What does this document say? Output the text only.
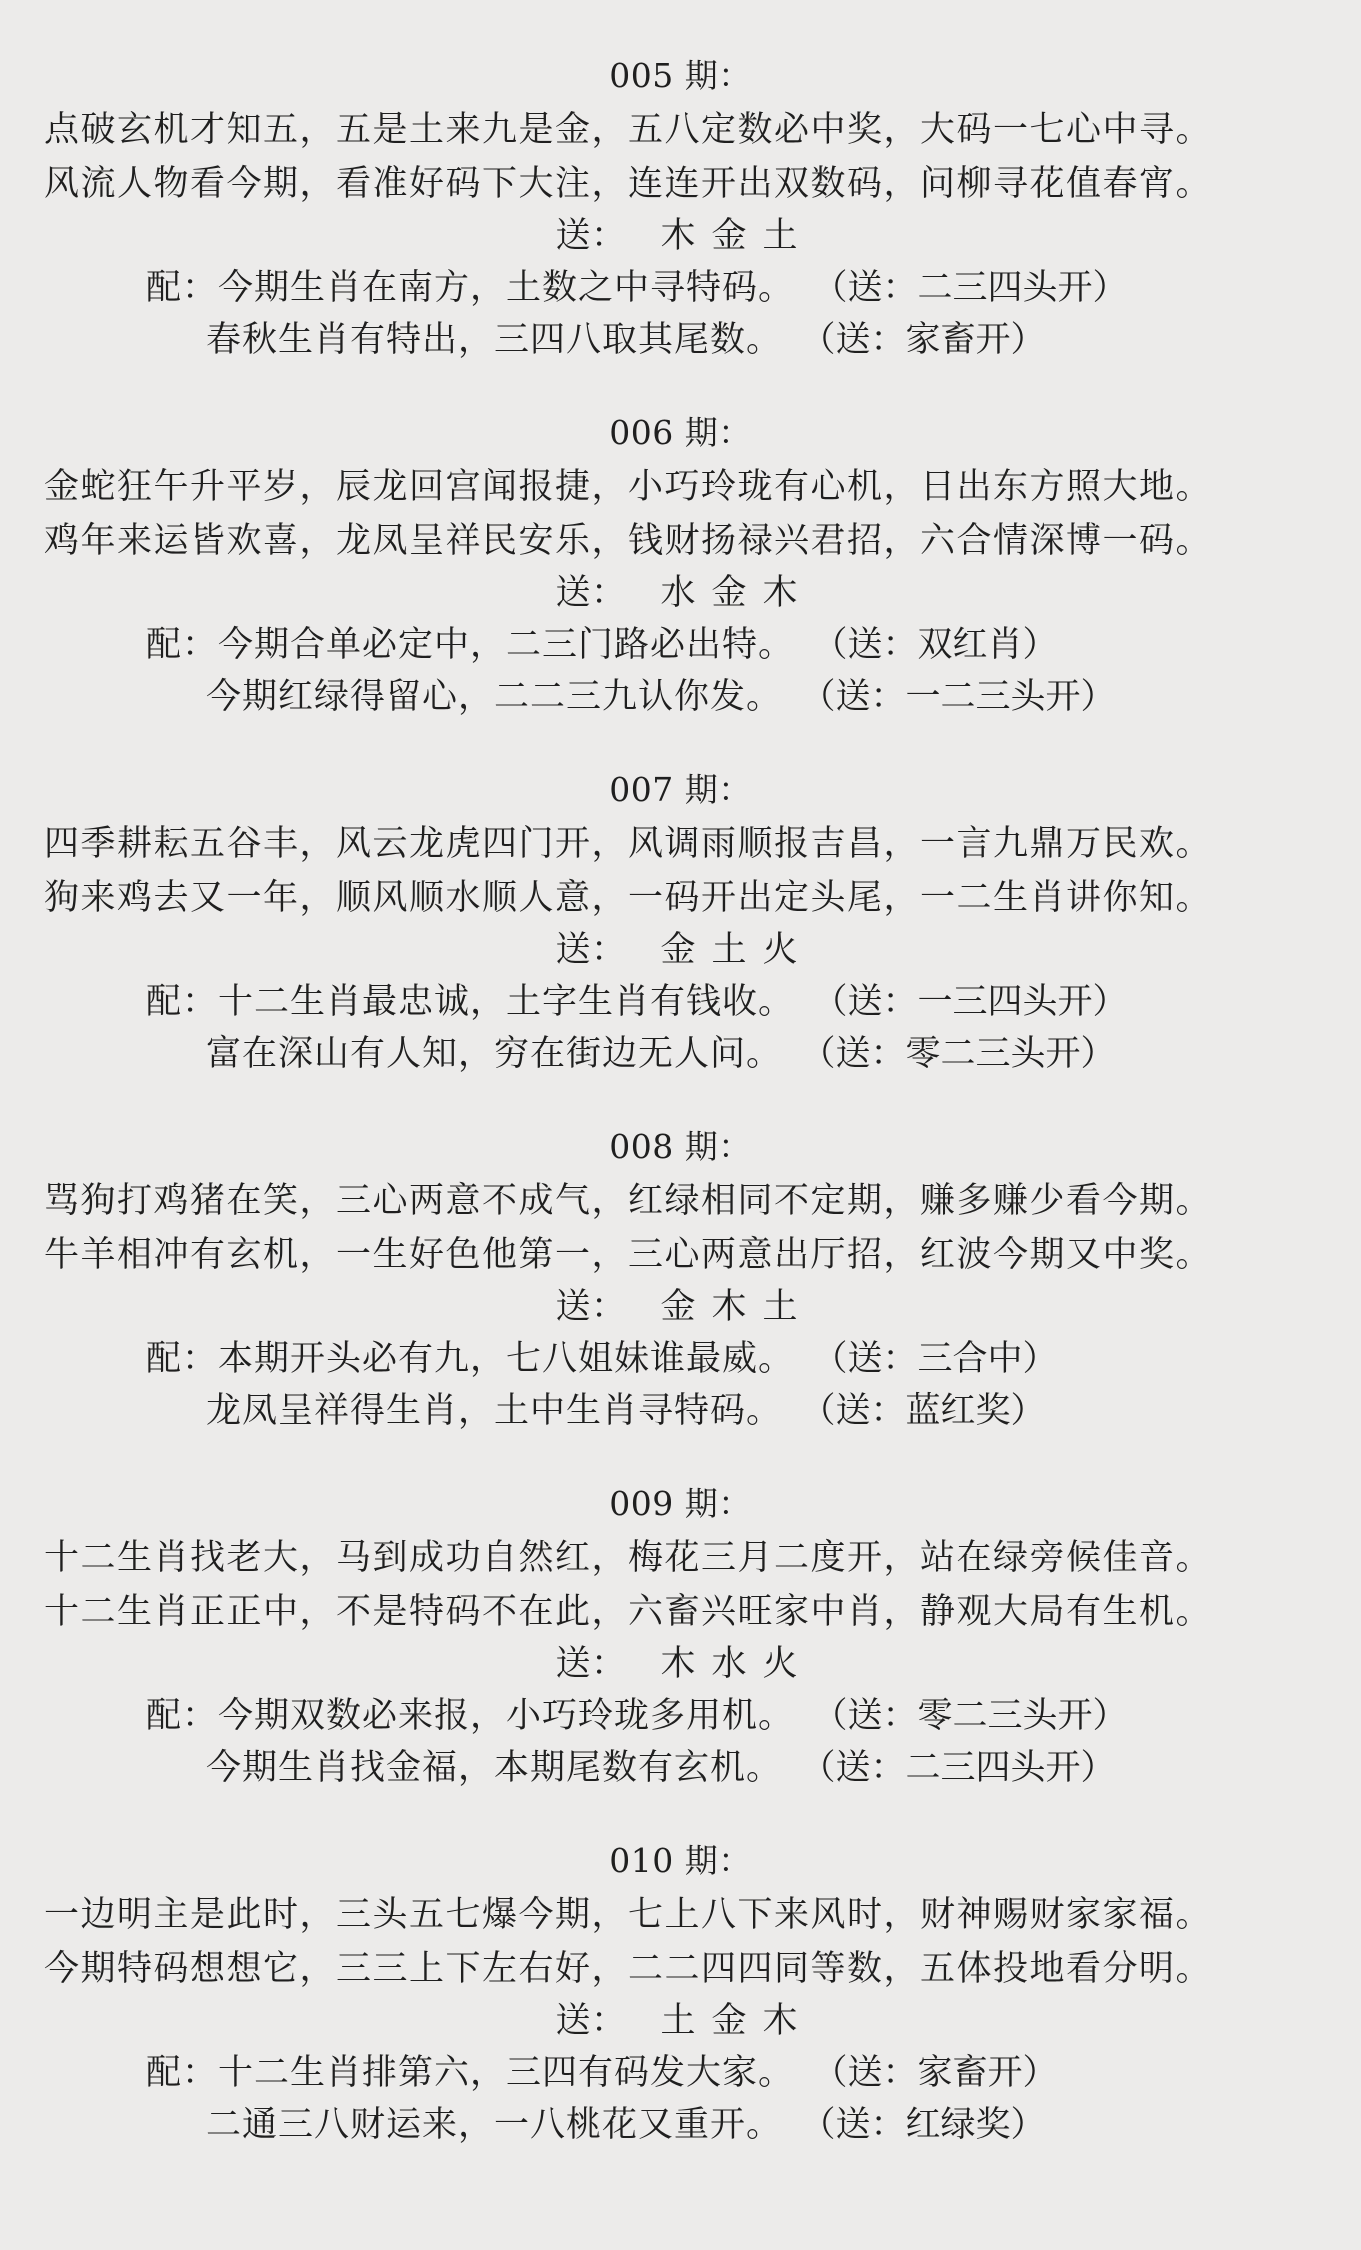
005 期：
点破玄机才知五，五是土来九是金，五八定数必中奖，大码一七心中寻。
风流人物看今期，看准好码下大注，连连开出双数码，问柳寻花值春宵。
送： 木 金 土
配：今期生肖在南方，土数之中寻特码。 （送：二三四头开）
春秋生肖有特出，三四八取其尾数。 （送：家畜开）
006 期：
金蛇狂午升平岁，辰龙回宫闻报捷，小巧玲珑有心机，日出东方照大地。
鸡年来运皆欢喜，龙凤呈祥民安乐，钱财扬禄兴君招，六合情深博一码。
送： 水 金 木
配：今期合单必定中，二三门路必出特。 （送：双红肖）
今期红绿得留心，二二三九认你发。 （送：一二三头开）
007 期：
四季耕耘五谷丰，风云龙虎四门开，风调雨顺报吉昌，一言九鼎万民欢。
狗来鸡去又一年，顺风顺水顺人意，一码开出定头尾，一二生肖讲你知。
送： 金 土 火
配：十二生肖最忠诚，土字生肖有钱收。 （送：一三四头开）
富在深山有人知，穷在街边无人问。 （送：零二三头开）
008 期：
骂狗打鸡猪在笑，三心两意不成气，红绿相同不定期，赚多赚少看今期。
牛羊相冲有玄机，一生好色他第一，三心两意出厅招，红波今期又中奖。
送： 金 木 土
配：本期开头必有九，七八姐妹谁最威。 （送：三合中）
龙凤呈祥得生肖，土中生肖寻特码。 （送：蓝红奖）
009 期：
十二生肖找老大，马到成功自然红，梅花三月二度开，站在绿旁候佳音。
十二生肖正正中，不是特码不在此，六畜兴旺家中肖，静观大局有生机。
送： 木 水 火
配：今期双数必来报，小巧玲珑多用机。 （送：零二三头开）
今期生肖找金福，本期尾数有玄机。 （送：二三四头开）
010 期：
一边明主是此时，三头五七爆今期，七上八下来风时，财神赐财家家福。
今期特码想想它，三三上下左右好，二二四四同等数，五体投地看分明。
送： 土 金 木
配：十二生肖排第六，三四有码发大家。 （送：家畜开）
二通三八财运来，一八桃花又重开。 （送：红绿奖）
